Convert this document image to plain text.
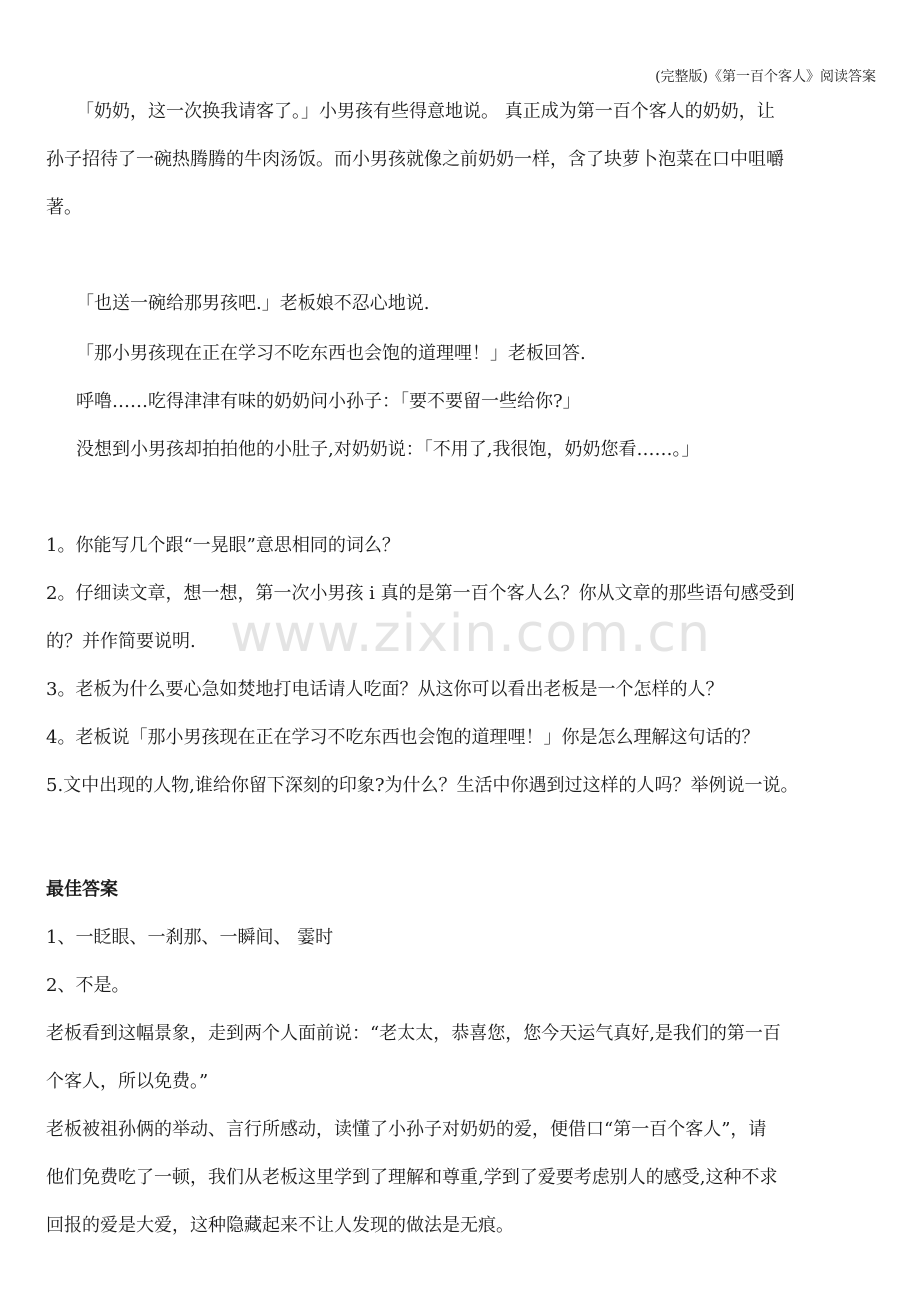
(完整版)《第一百个客人》阅读答案
www.zixin.com.cn
「奶奶，这一次换我请客了。」小男孩有些得意地说。 真正成为第一百个客人的奶奶，让
孙子招待了一碗热腾腾的牛肉汤饭。而小男孩就像之前奶奶一样，含了块萝卜泡菜在口中咀嚼
著。
「也送一碗给那男孩吧.」老板娘不忍心地说.
「那小男孩现在正在学习不吃东西也会饱的道理哩！」老板回答.
呼噜……吃得津津有味的奶奶问小孙子：「要不要留一些给你?」
没想到小男孩却拍拍他的小肚子,对奶奶说：「不用了,我很饱，奶奶您看……。」
1。你能写几个跟“一晃眼”意思相同的词么？
2。仔细读文章，想一想，第一次小男孩 i 真的是第一百个客人么？你从文章的那些语句感受到
的？并作简要说明.
3。老板为什么要心急如焚地打电话请人吃面？从这你可以看出老板是一个怎样的人？
4。老板说「那小男孩现在正在学习不吃东西也会饱的道理哩！」你是怎么理解这句话的？
5.文中出现的人物,谁给你留下深刻的印象?为什么？生活中你遇到过这样的人吗？举例说一说。
最佳答案
1、一眨眼、一刹那、一瞬间、 霎时
2、不是。
老板看到这幅景象，走到两个人面前说：“老太太，恭喜您，您今天运气真好,是我们的第一百
个客人，所以免费。”
老板被祖孙俩的举动、言行所感动，读懂了小孙子对奶奶的爱，便借口“第一百个客人”，请
他们免费吃了一顿，我们从老板这里学到了理解和尊重,学到了爱要考虑别人的感受,这种不求
回报的爱是大爱，这种隐藏起来不让人发现的做法是无痕。
